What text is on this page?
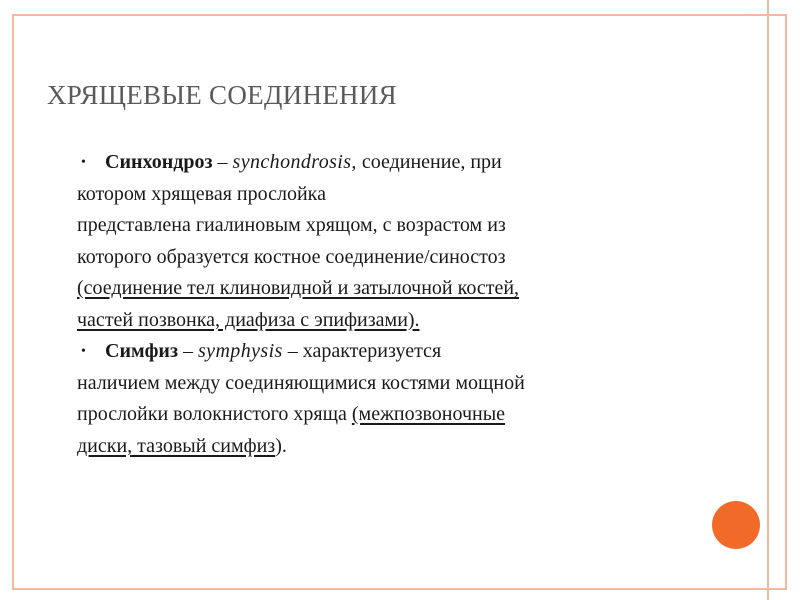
ХРЯЩЕВЫЕ СОЕДИНЕНИЯ

• Синхондроз – synchondrosis, соединение, при
котором хрящевая прослойка
представлена гиалиновым хрящом, с возрастом из
которого образуется костное соединение/синостоз
(соединение тел клиновидной и затылочной костей,
частей позвонка, диафиза с эпифизами).

• Симфиз – symphysis – характеризуется
наличием между соединяющимися костями мощной
прослойки волокнистого хряща (межпозвоночные
диски, тазовый симфиз).
